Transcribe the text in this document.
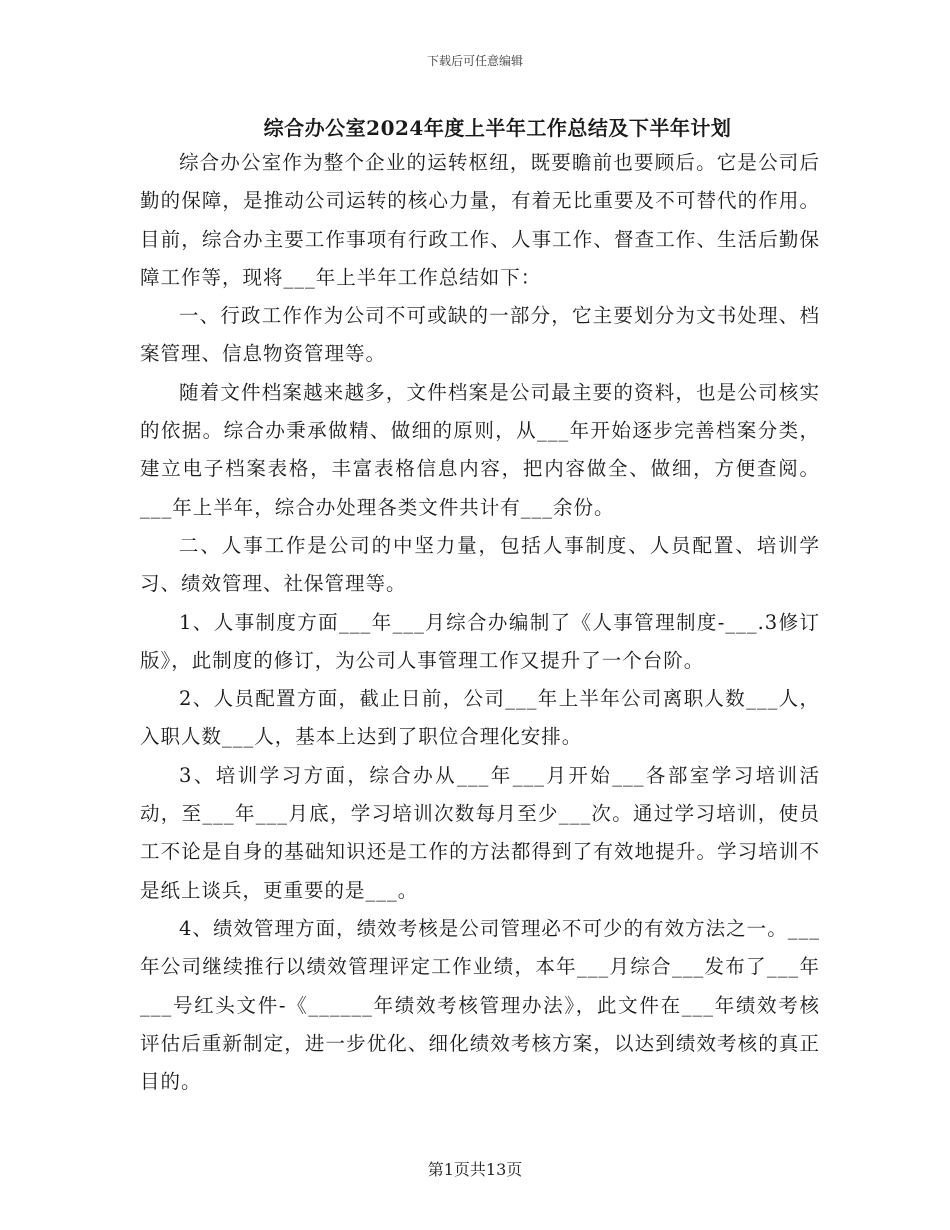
下载后可任意编辑
综合办公室2024年度上半年工作总结及下半年计划

综合办公室作为整个企业的运转枢纽，既要瞻前也要顾后。它是公司后勤的保障，是推动公司运转的核心力量，有着无比重要及不可替代的作用。目前，综合办主要工作事项有行政工作、人事工作、督查工作、生活后勤保障工作等，现将___年上半年工作总结如下：

一、行政工作作为公司不可或缺的一部分，它主要划分为文书处理、档案管理、信息物资管理等。

随着文件档案越来越多，文件档案是公司最主要的资料，也是公司核实的依据。综合办秉承做精、做细的原则，从___年开始逐步完善档案分类，建立电子档案表格，丰富表格信息内容，把内容做全、做细，方便查阅。___年上半年，综合办处理各类文件共计有___余份。

二、人事工作是公司的中坚力量，包括人事制度、人员配置、培训学习、绩效管理、社保管理等。

1、人事制度方面___年___月综合办编制了《人事管理制度-___.3修订版》，此制度的修订，为公司人事管理工作又提升了一个台阶。

2、人员配置方面，截止日前，公司___年上半年公司离职人数___人，入职人数___人，基本上达到了职位合理化安排。

3、培训学习方面，综合办从___年___月开始___各部室学习培训活动，至___年___月底，学习培训次数每月至少___次。通过学习培训，使员工不论是自身的基础知识还是工作的方法都得到了有效地提升。学习培训不是纸上谈兵，更重要的是___。

4、绩效管理方面，绩效考核是公司管理必不可少的有效方法之一。___年公司继续推行以绩效管理评定工作业绩，本年___月综合___发布了___年___号红头文件-《______年绩效考核管理办法》，此文件在___年绩效考核评估后重新制定，进一步优化、细化绩效考核方案，以达到绩效考核的真正目的。

第1页共13页
